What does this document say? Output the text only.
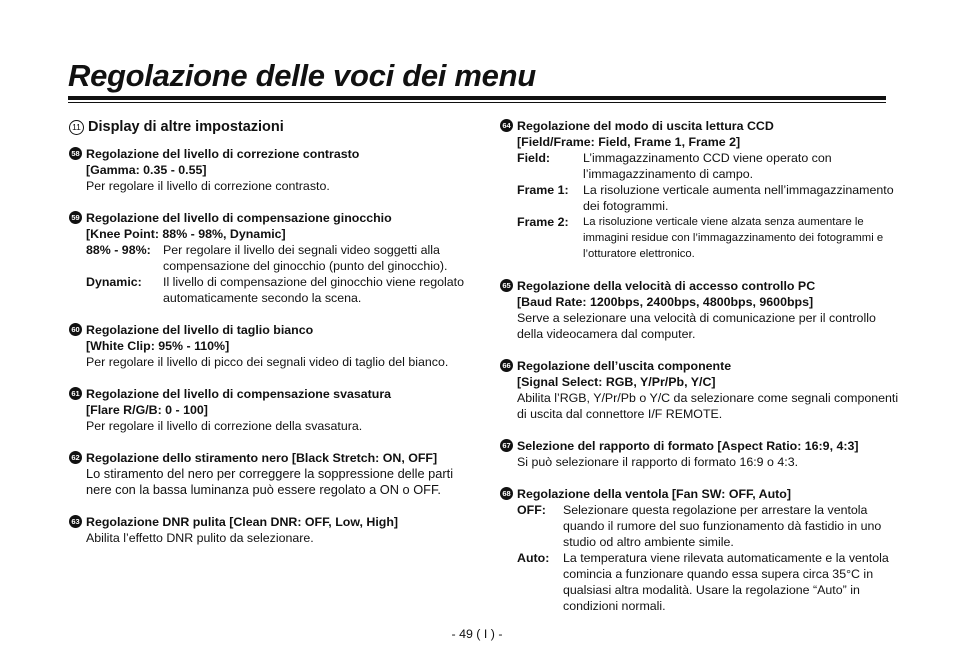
Regolazione delle voci dei menu
11 Display di altre impostazioni
58 Regolazione del livello di correzione contrasto
[Gamma: 0.35 - 0.55]
Per regolare il livello di correzione contrasto.
59 Regolazione del livello di compensazione ginocchio
[Knee Point: 88% - 98%, Dynamic]
88% - 98%: Per regolare il livello dei segnali video soggetti alla compensazione del ginocchio (punto del ginocchio).
Dynamic:	Il livello di compensazione del ginocchio viene regolato automaticamente secondo la scena.
60 Regolazione del livello di taglio bianco
[White Clip: 95% - 110%]
Per regolare il livello di picco dei segnali video di taglio del bianco.
61 Regolazione del livello di compensazione svasatura
[Flare R/G/B: 0 - 100]
Per regolare il livello di correzione della svasatura.
62 Regolazione dello stiramento nero [Black Stretch: ON, OFF]
Lo stiramento del nero per correggere la soppressione delle parti nere con la bassa luminanza può essere regolato a ON o OFF.
63 Regolazione DNR pulita [Clean DNR: OFF, Low, High]
Abilita l’effetto DNR pulito da selezionare.
64 Regolazione del modo di uscita lettura CCD
[Field/Frame: Field, Frame 1, Frame 2]
Field:	L’immagazzinamento CCD viene operato con l’immagazzinamento di campo.
Frame 1:	La risoluzione verticale aumenta nell’immagazzinamento dei fotogrammi.
Frame 2:	La risoluzione verticale viene alzata senza aumentare le immagini residue con l’immagazzinamento dei fotogrammi e l’otturatore elettronico.
65 Regolazione della velocità di accesso controllo PC
[Baud Rate: 1200bps, 2400bps, 4800bps, 9600bps]
Serve a selezionare una velocità di comunicazione per il controllo della videocamera dal computer.
66 Regolazione dell’uscita componente
[Signal Select: RGB, Y/Pr/Pb, Y/C]
Abilita l’RGB, Y/Pr/Pb o Y/C da selezionare come segnali componenti di uscita dal connettore I/F REMOTE.
67 Selezione del rapporto di formato [Aspect Ratio: 16:9, 4:3]
Si può selezionare il rapporto di formato 16:9 o 4:3.
68 Regolazione della ventola [Fan SW: OFF, Auto]
OFF:	Selezionare questa regolazione per arrestare la ventola quando il rumore del suo funzionamento dà fastidio in uno studio od altro ambiente simile.
Auto:	La temperatura viene rilevata automaticamente e la ventola comincia a funzionare quando essa supera circa 35°C in qualsiasi altra modalità. Usare la regolazione “Auto” in condizioni normali.
- 49 ( I ) -
